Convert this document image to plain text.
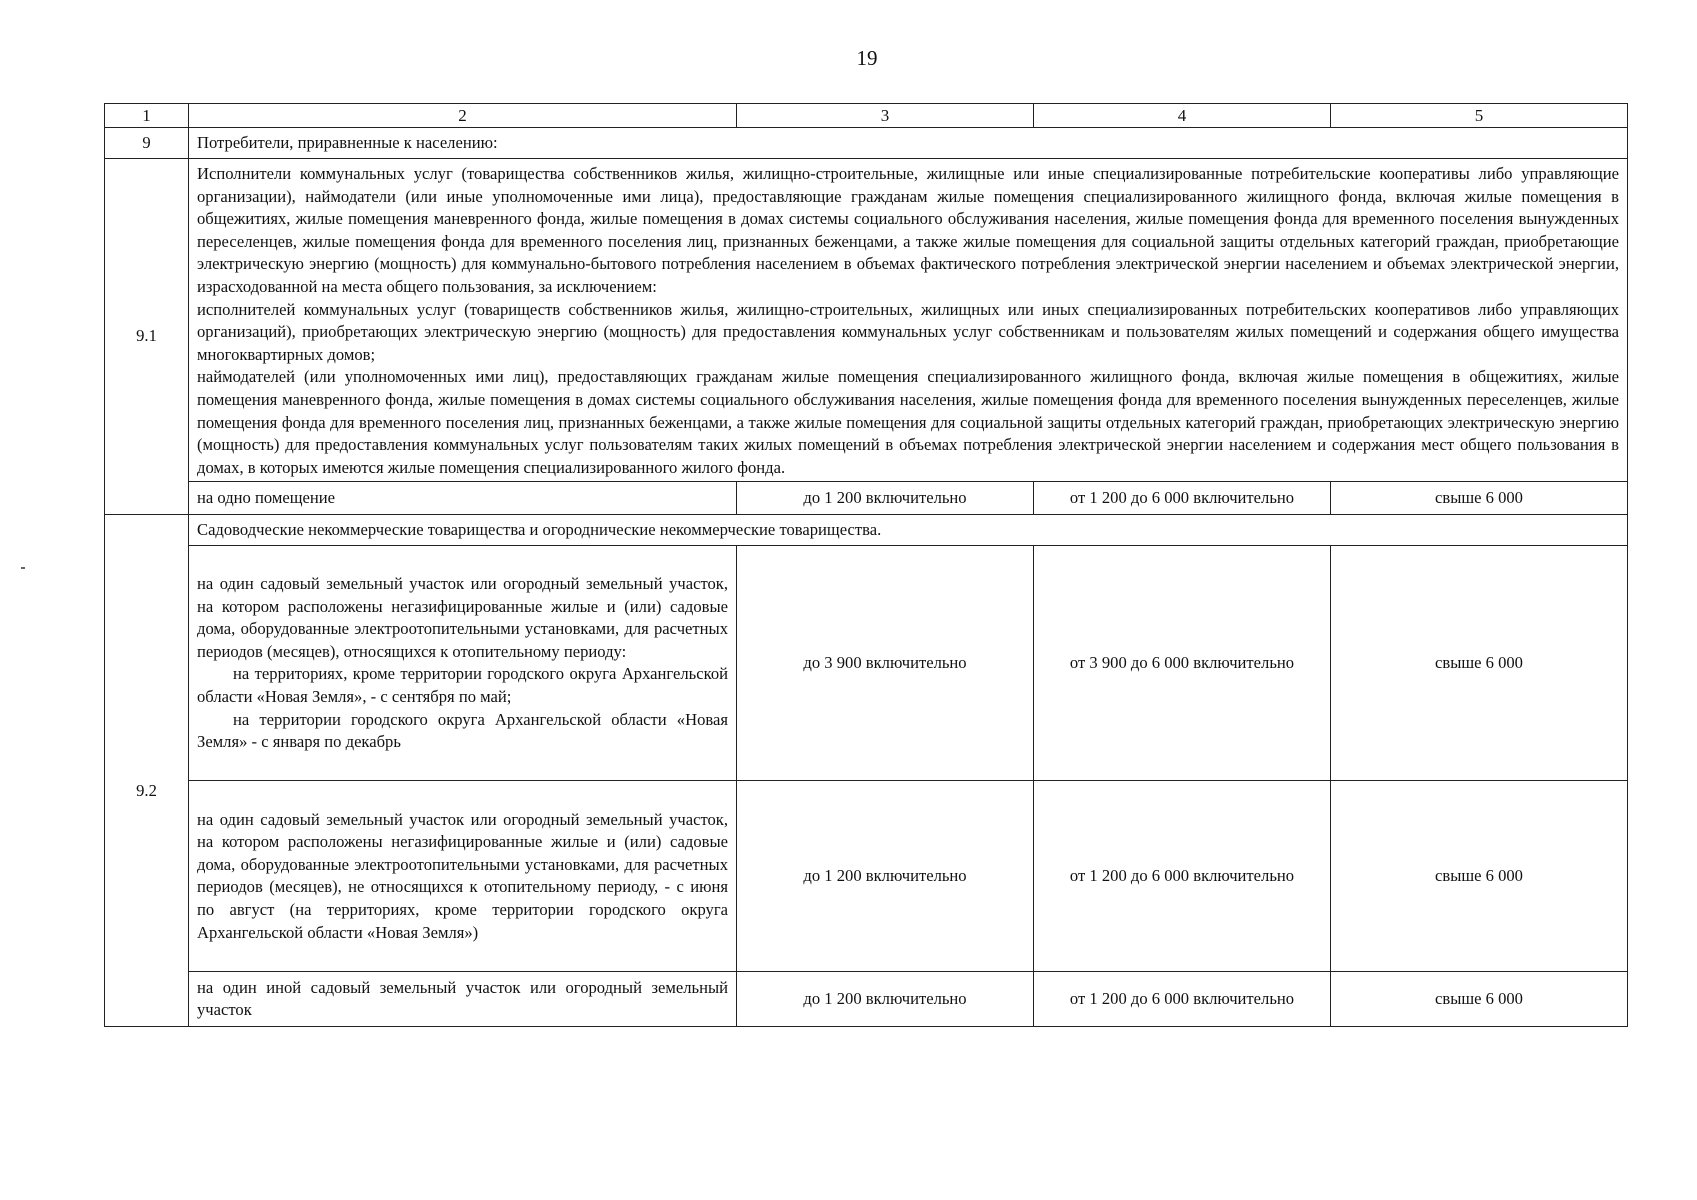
19
1	2	3	4	5
9	Потребители, приравненные к населению:			
9.1	Исполнители коммунальных услуг (товарищества собственников жилья, жилищно-строительные, жилищные или иные специализированные потребительские кооперативы либо управляющие организации), наймодатели (или иные уполномоченные ими лица), предоставляющие гражданам жилые помещения специализированного жилищного фонда, включая жилые помещения в общежитиях, жилые помещения маневренного фонда, жилые помещения в домах системы социального обслуживания населения, жилые помещения фонда для временного поселения вынужденных переселенцев, жилые помещения фонда для временного поселения лиц, признанных беженцами, а также жилые помещения для социальной защиты отдельных категорий граждан, приобретающие электрическую энергию (мощность) для коммунально-бытового потребления населением в объемах фактического потребления электрической энергии населением и объемах электрической энергии, израсходованной на места общего пользования, за исключением:

исполнителей коммунальных услуг (товариществ собственников жилья, жилищно-строительных, жилищных или иных специализированных потребительских кооперативов либо управляющих организаций), приобретающих электрическую энергию (мощность) для предоставления коммунальных услуг собственникам и пользователям жилых помещений и содержания общего имущества многоквартирных домов;

наймодателей (или уполномоченных ими лиц), предоставляющих гражданам жилые помещения специализированного жилищного фонда, включая жилые помещения в общежитиях, жилые помещения маневренного фонда, жилые помещения в домах системы социального обслуживания населения, жилые помещения фонда для временного поселения вынужденных переселенцев, жилые помещения фонда для временного поселения лиц, признанных беженцами, а также жилые помещения для социальной защиты отдельных категорий граждан, приобретающих электрическую энергию (мощность) для предоставления коммунальных услуг пользователям таких жилых помещений в объемах потребления электрической энергии населением и содержания мест общего пользования в домах, в которых имеются жилые помещения специализированного жилого фонда.			

	на одно помещение	до 1 200 включительно	от 1 200 до 6 000 включительно	свыше 6 000
9.2	Садоводческие некоммерческие товарищества и огороднические некоммерческие товарищества.			

	на один садовый земельный участок или огородный земельный участок, на котором расположены негазифицированные жилые и (или) садовые дома, оборудованные электроотопительными установками, для расчетных периодов (месяцев), относящихся к отопительному периоду:

на территориях, кроме территории городского округа Архангельской области «Новая Земля», - с сентября по май;

на территории городского округа Архангельской области «Новая Земля» - с января по декабрь	до 3 900 включительно	от 3 900 до 6 000 включительно	свыше 6 000
	на один садовый земельный участок или огородный земельный участок, на котором расположены негазифицированные жилые и (или) садовые дома, оборудованные электроотопительными установками, для расчетных периодов (месяцев), не относящихся к отопительному периоду, - с июня по август (на территориях, кроме территории городского округа Архангельской области «Новая Земля»)	до 1 200 включительно	от 1 200 до 6 000 включительно	свыше 6 000
	на один иной садовый земельный участок или огородный земельный участок	до 1 200 включительно	от 1 200 до 6 000 включительно	свыше 6 000
